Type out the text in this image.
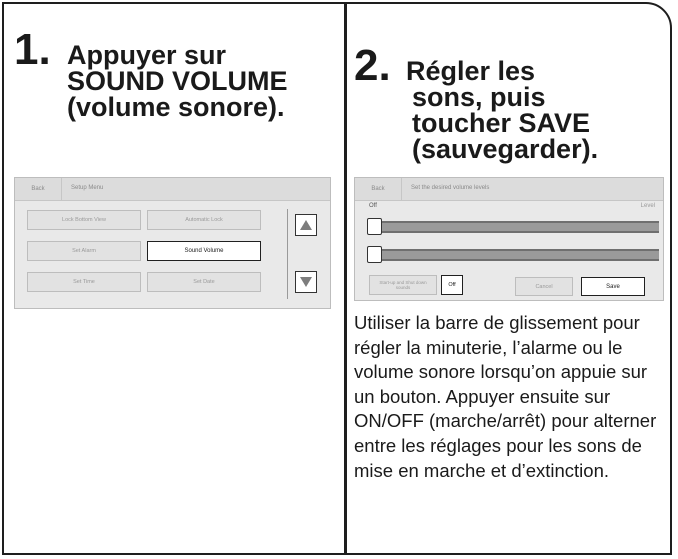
1. Appuyer sur
SOUND VOLUME
(volume sonore).
Back	Setup Menu
Lock Bottom View	Automatic Lock
Set Alarm	Sound Volume
Set Time	Set Date
2. Régler les
sons, puis
toucher SAVE
(sauvegarder).
Back	Set the desired volume levels
Off	Level
Start-up and Shut down sounds	Off	Cancel	Save

Utiliser la barre de glissement pour régler la minuterie, l’alarme ou le volume sonore lorsqu’on appuie sur un bouton. Appuyer ensuite sur ON/OFF (marche/arrêt) pour alterner entre les réglages pour les sons de mise en marche et d’extinction.
